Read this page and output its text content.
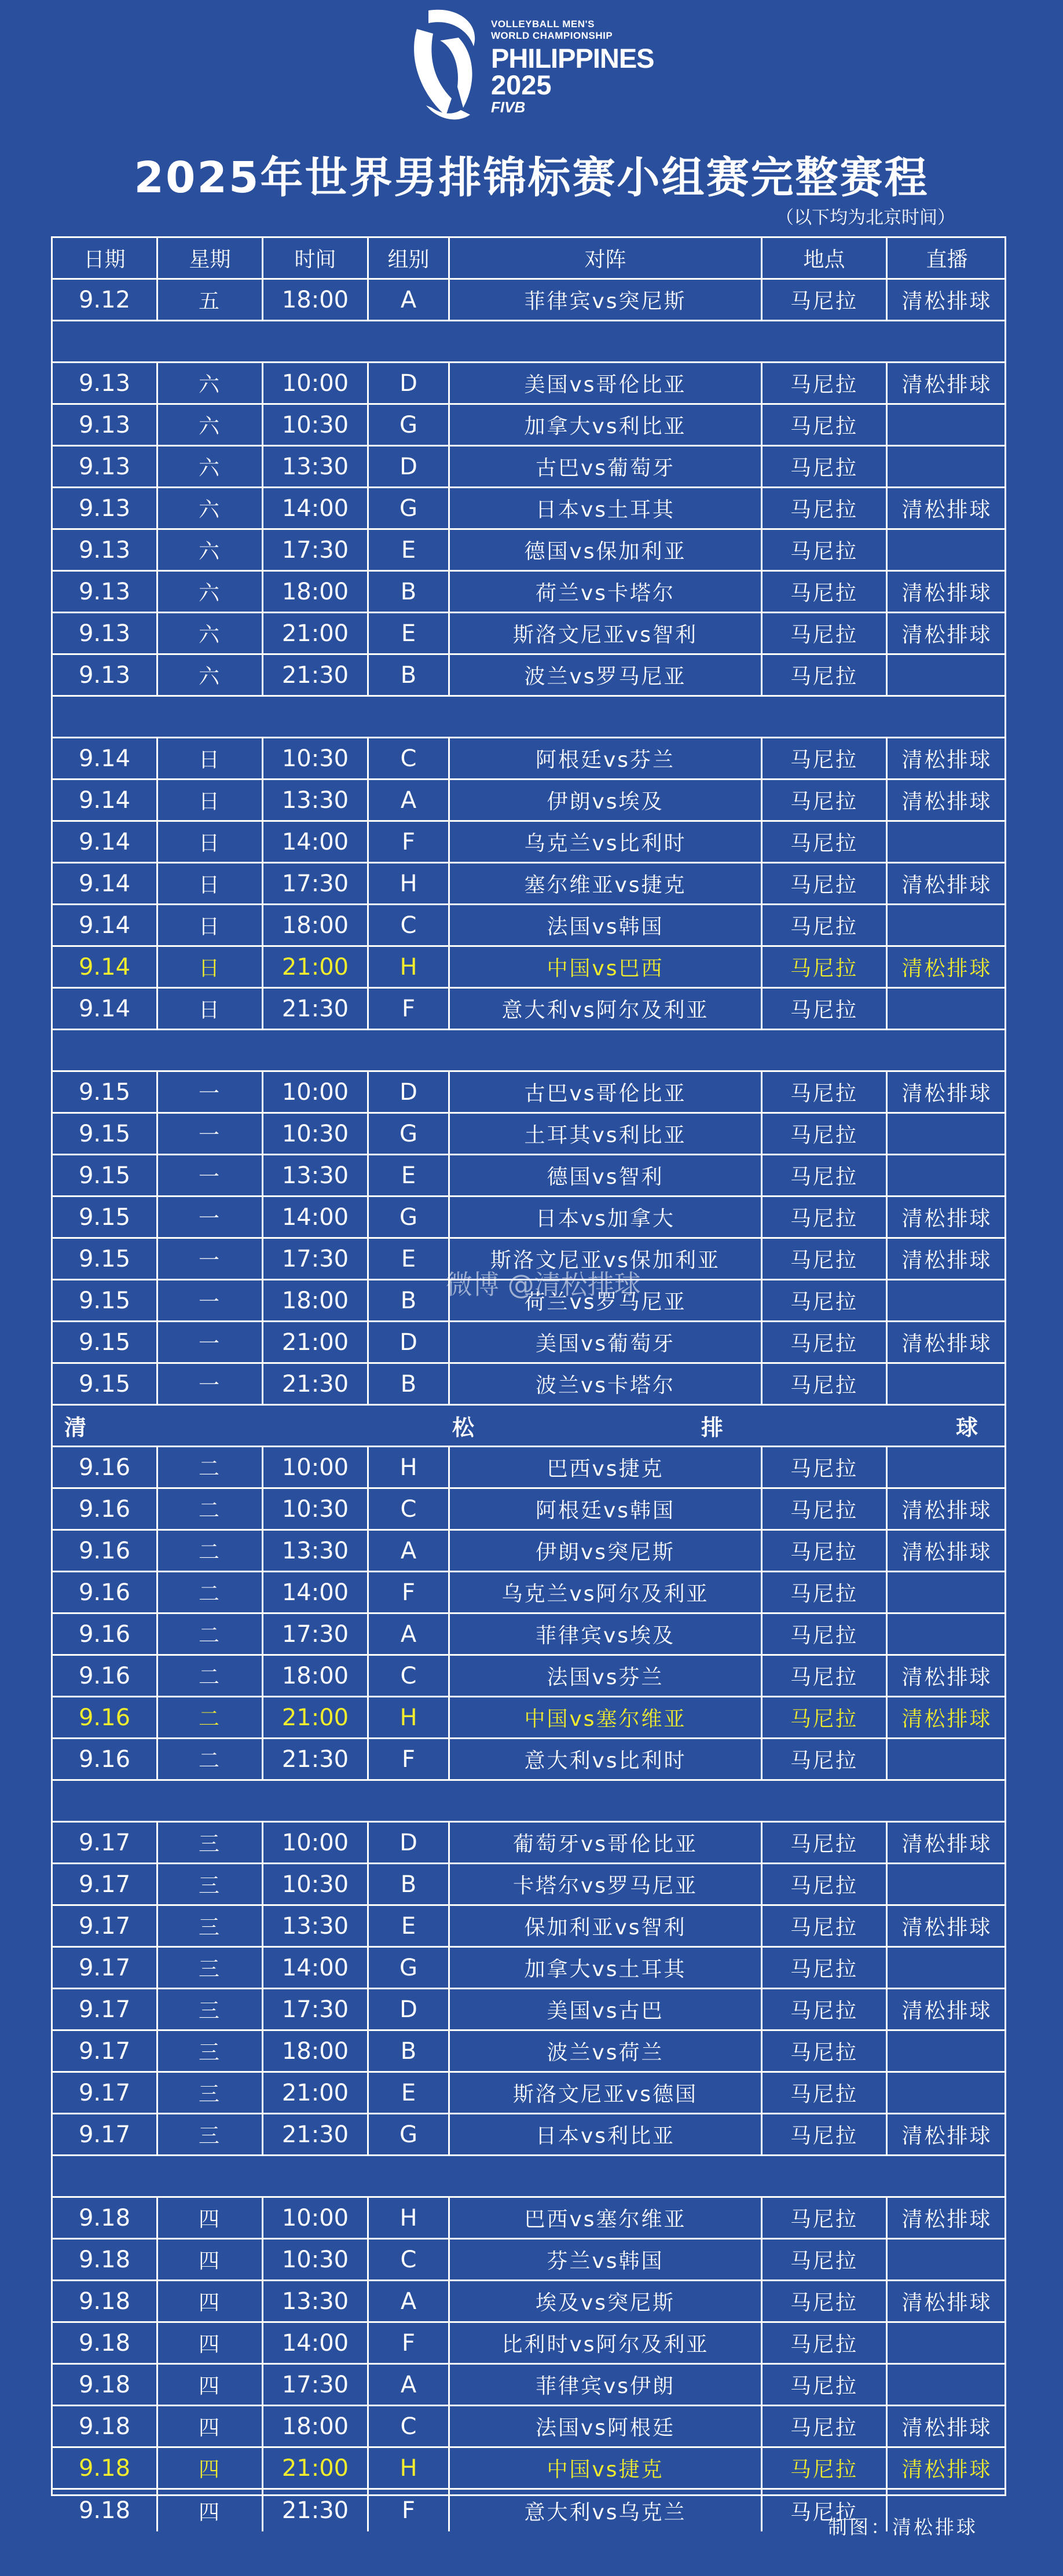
VOLLEYBALL MEN'S
WORLD CHAMPIONSHIP
PHILIPPINES
2025
FIVB
2025年世界男排锦标赛小组赛完整赛程
（以下均为北京时间）
日期	星期	时间	组别	对阵	地点	直播
9.12	五	18:00	A	菲律宾vs突尼斯	马尼拉	清松排球
9.13	六	10:00	D	美国vs哥伦比亚	马尼拉	清松排球
9.13	六	10:30	G	加拿大vs利比亚	马尼拉
9.13	六	13:30	D	古巴vs葡萄牙	马尼拉
9.13	六	14:00	G	日本vs土耳其	马尼拉	清松排球
9.13	六	17:30	E	德国vs保加利亚	马尼拉
9.13	六	18:00	B	荷兰vs卡塔尔	马尼拉	清松排球
9.13	六	21:00	E	斯洛文尼亚vs智利	马尼拉	清松排球
9.13	六	21:30	B	波兰vs罗马尼亚	马尼拉
9.14	日	10:30	C	阿根廷vs芬兰	马尼拉	清松排球
9.14	日	13:30	A	伊朗vs埃及	马尼拉	清松排球
9.14	日	14:00	F	乌克兰vs比利时	马尼拉
9.14	日	17:30	H	塞尔维亚vs捷克	马尼拉	清松排球
9.14	日	18:00	C	法国vs韩国	马尼拉
9.14	日	21:00	H	中国vs巴西	马尼拉	清松排球
9.14	日	21:30	F	意大利vs阿尔及利亚	马尼拉
9.15	一	10:00	D	古巴vs哥伦比亚	马尼拉	清松排球
9.15	一	10:30	G	土耳其vs利比亚	马尼拉
9.15	一	13:30	E	德国vs智利	马尼拉
9.15	一	14:00	G	日本vs加拿大	马尼拉	清松排球
9.15	一	17:30	E	斯洛文尼亚vs保加利亚	马尼拉	清松排球
9.15	一	18:00	B	荷兰vs罗马尼亚	马尼拉
9.15	一	21:00	D	美国vs葡萄牙	马尼拉	清松排球
9.15	一	21:30	B	波兰vs卡塔尔	马尼拉
清	松	排	球
9.16	二	10:00	H	巴西vs捷克	马尼拉
9.16	二	10:30	C	阿根廷vs韩国	马尼拉	清松排球
9.16	二	13:30	A	伊朗vs突尼斯	马尼拉	清松排球
9.16	二	14:00	F	乌克兰vs阿尔及利亚	马尼拉
9.16	二	17:30	A	菲律宾vs埃及	马尼拉
9.16	二	18:00	C	法国vs芬兰	马尼拉	清松排球
9.16	二	21:00	H	中国vs塞尔维亚	马尼拉	清松排球
9.16	二	21:30	F	意大利vs比利时	马尼拉
9.17	三	10:00	D	葡萄牙vs哥伦比亚	马尼拉	清松排球
9.17	三	10:30	B	卡塔尔vs罗马尼亚	马尼拉
9.17	三	13:30	E	保加利亚vs智利	马尼拉	清松排球
9.17	三	14:00	G	加拿大vs土耳其	马尼拉
9.17	三	17:30	D	美国vs古巴	马尼拉	清松排球
9.17	三	18:00	B	波兰vs荷兰	马尼拉
9.17	三	21:00	E	斯洛文尼亚vs德国	马尼拉
9.17	三	21:30	G	日本vs利比亚	马尼拉	清松排球
9.18	四	10:00	H	巴西vs塞尔维亚	马尼拉	清松排球
9.18	四	10:30	C	芬兰vs韩国	马尼拉
9.18	四	13:30	A	埃及vs突尼斯	马尼拉	清松排球
9.18	四	14:00	F	比利时vs阿尔及利亚	马尼拉
9.18	四	17:30	A	菲律宾vs伊朗	马尼拉
9.18	四	18:00	C	法国vs阿根廷	马尼拉	清松排球
9.18	四	21:00	H	中国vs捷克	马尼拉	清松排球
9.18	四	21:30	F	意大利vs乌克兰	马尼拉
微博 @清松排球
制图：清松排球
